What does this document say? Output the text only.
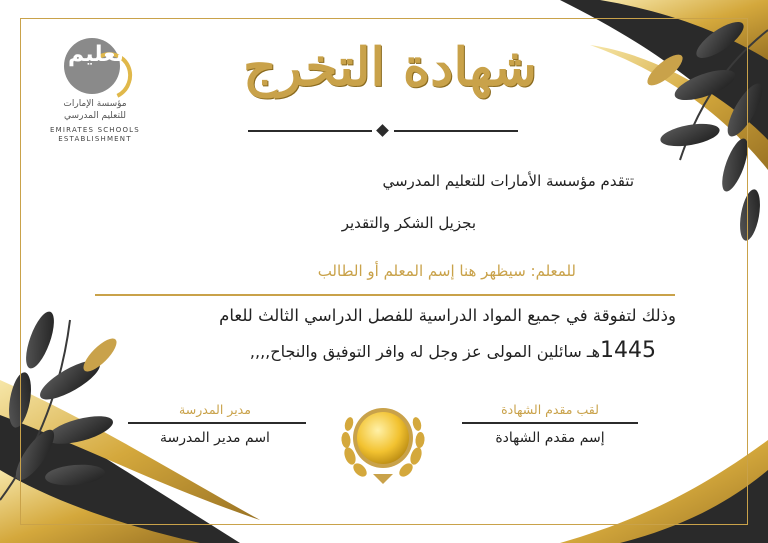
تعليم
مؤسسة الإمارات
للتعليم المدرسي
EMIRATES SCHOOLS
ESTABLISHMENT
شهادة التخرج
تتقدم مؤسسة الأمارات للتعليم المدرسي
بجزيل الشكر والتقدير
للمعلم: سيظهر هنا إسم المعلم أو الطالب
وذلك لتفوقة في جميع المواد الدراسية للفصل الدراسي الثالث للعام
1445هـ سائلين المولى عز وجل له وافر التوفيق والنجاح,,,,
مدير المدرسة
اسم مدير المدرسة
لقب مقدم الشهادة
إسم مقدم الشهادة
